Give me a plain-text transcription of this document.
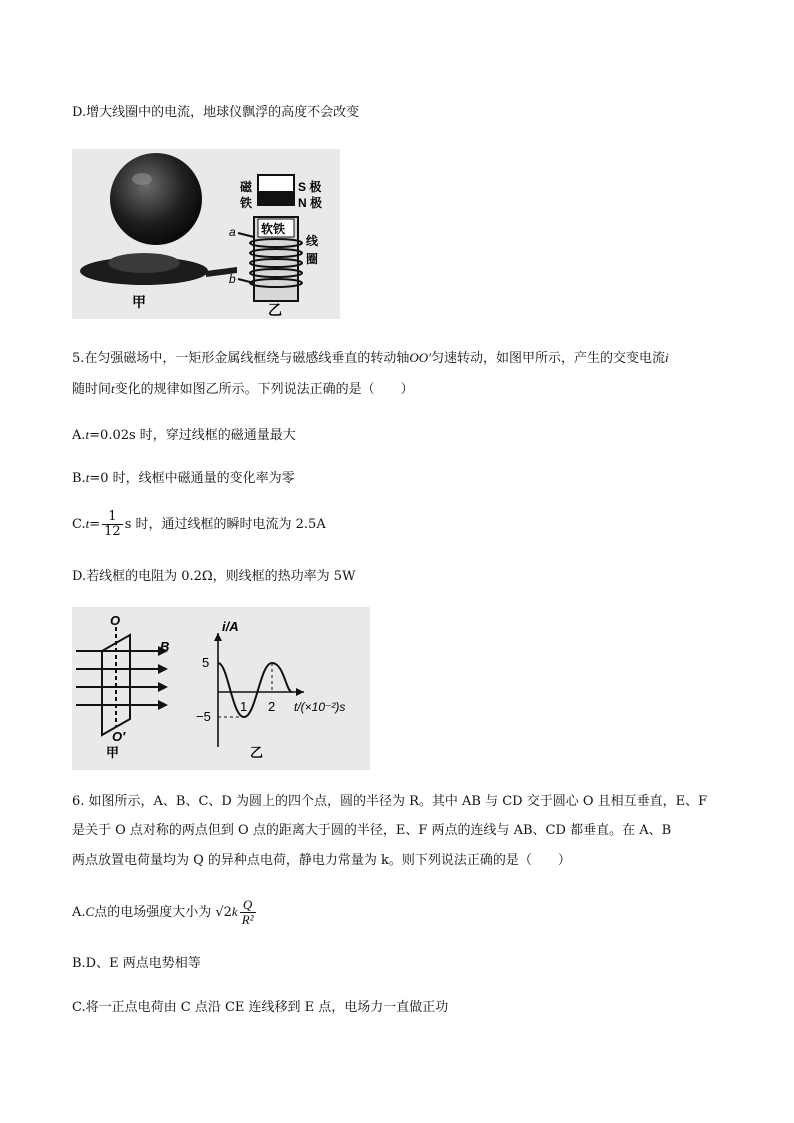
D.增大线圈中的电流，地球仪飘浮的高度不会改变
甲
磁
铁
S 极
N 极
软铁
a
b
线
圈
乙
5.在匀强磁场中，一矩形金属线框绕与磁感线垂直的转动轴OO′匀速转动，如图甲所示，产生的交变电流i
随时间t变化的规律如图乙所示。下列说法正确的是（　　）
A.t=0.02s 时，穿过线框的磁通量最大
B.t=0 时，线框中磁通量的变化率为零
$C.t= \frac{1}{12}$ s 时，通过线框的瞬时电流为 2.5A
D.若线框的电阻为 0.2Ω，则线框的热功率为 5W
O
O′
B
甲
i/A
5
−5
1 2 t/(×10⁻²)s
乙
6. 如图所示，A、B、C、D 为圆上的四个点，圆的半径为 R。其中 AB 与 CD 交于圆心 O 且相互垂直，E、F
是关于 O 点对称的两点但到 O 点的距离大于圆的半径，E、F 两点的连线与 AB、CD 都垂直。在 A、B
两点放置电荷量均为 Q 的异种点电荷，静电力常量为 k。则下列说法正确的是（　　）
A.C点的电场强度大小为 $√2k \frac{Q}{\text{R²}}$
B.D、E 两点电势相等
C.将一正点电荷由 C 点沿 CE 连线移到 E 点，电场力一直做正功
